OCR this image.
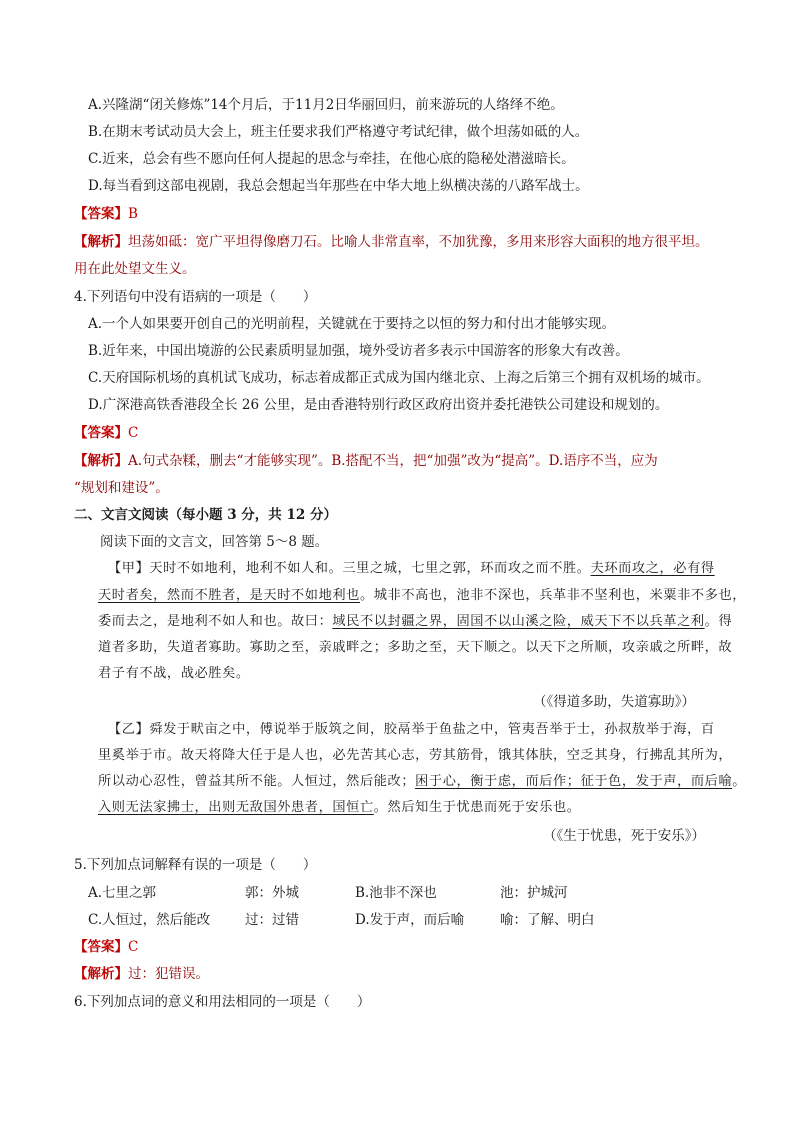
A.兴隆湖“闭关修炼”14个月后，于11月2日华丽回归，前来游玩的人络绎不绝。
B.在期末考试动员大会上，班主任要求我们严格遵守考试纪律，做个坦荡如砥的人。
C.近来，总会有些不愿向任何人提起的思念与牵挂，在他心底的隐秘处潜滋暗长。
D.每当看到这部电视剧，我总会想起当年那些在中华大地上纵横决荡的八路军战士。
【答案】B
【解析】坦荡如砥：宽广平坦得像磨刀石。比喻人非常直率，不加犹豫，多用来形容大面积的地方很平坦。
用在此处望文生义。
4.下列语句中没有语病的一项是（　　）
A.一个人如果要开创自己的光明前程，关键就在于要持之以恒的努力和付出才能够实现。
B.近年来，中国出境游的公民素质明显加强，境外受访者多表示中国游客的形象大有改善。
C.天府国际机场的真机试飞成功，标志着成都正式成为国内继北京、上海之后第三个拥有双机场的城市。
D.广深港高铁香港段全长 26 公里，是由香港特别行政区政府出资并委托港铁公司建设和规划的。
【答案】C
【解析】A.句式杂糅，删去“才能够实现”。B.搭配不当，把“加强”改为“提高”。D.语序不当，应为
“规划和建设”。
二、文言文阅读（每小题 3 分，共 12 分）
阅读下面的文言文，回答第 5～8 题。
【甲】天时不如地利，地利不如人和。三里之城，七里之郭，环而攻之而不胜。夫环而攻之，必有得
天时者矣，然而不胜者，是天时不如地利也。城非不高也，池非不深也，兵革非不坚利也，米粟非不多也，
委而去之，是地利不如人和也。故曰：域民不以封疆之界，固国不以山溪之险，威天下不以兵革之利。得
道者多助，失道者寡助。寡助之至，亲戚畔之；多助之至，天下顺之。以天下之所顺，攻亲戚之所畔，故
君子有不战，战必胜矣。
（《得道多助，失道寡助》）
【乙】舜发于畎亩之中，傅说举于版筑之间，胶鬲举于鱼盐之中，管夷吾举于士，孙叔敖举于海，百
里奚举于市。故天将降大任于是人也，必先苦其心志，劳其筋骨，饿其体肤，空乏其身，行拂乱其所为，
所以动心忍性，曾益其所不能。人恒过，然后能改；困于心，衡于虑，而后作；征于色，发于声，而后喻。
入则无法家拂士，出则无敌国外患者，国恒亡。然后知生于忧患而死于安乐也。
（《生于忧患，死于安乐》）
5.下列加点词解释有误的一项是（　　）
A.七里之郭	郭：外城	B.池非不深也	池：护城河
C.人恒过，然后能改	过：过错	D.发于声，而后喻	喻：了解、明白
【答案】C
【解析】过：犯错误。
6.下列加点词的意义和用法相同的一项是（　　）
